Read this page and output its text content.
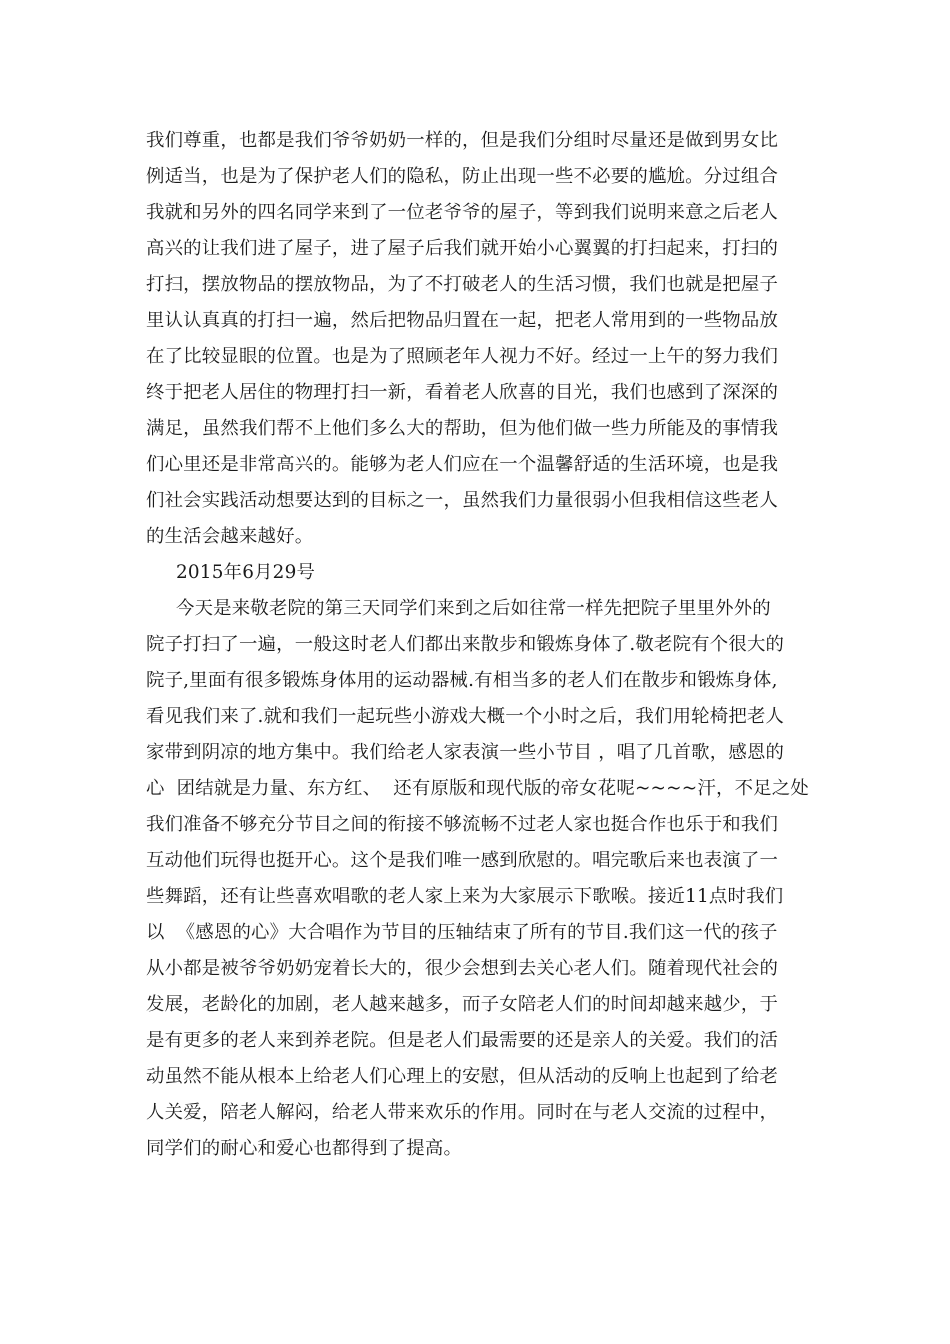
我们尊重，也都是我们爷爷奶奶一样的，但是我们分组时尽量还是做到男女比
例适当，也是为了保护老人们的隐私，防止出现一些不必要的尴尬。分过组合
我就和另外的四名同学来到了一位老爷爷的屋子，等到我们说明来意之后老人
高兴的让我们进了屋子，进了屋子后我们就开始小心翼翼的打扫起来，打扫的
打扫，摆放物品的摆放物品，为了不打破老人的生活习惯，我们也就是把屋子
里认认真真的打扫一遍，然后把物品归置在一起，把老人常用到的一些物品放
在了比较显眼的位置。也是为了照顾老年人视力不好。经过一上午的努力我们
终于把老人居住的物理打扫一新，看着老人欣喜的目光，我们也感到了深深的
满足，虽然我们帮不上他们多么大的帮助，但为他们做一些力所能及的事情我
们心里还是非常高兴的。能够为老人们应在一个温馨舒适的生活环境，也是我
们社会实践活动想要达到的目标之一，虽然我们力量很弱小但我相信这些老人
的生活会越来越好。
2015年6月29号
今天是来敬老院的第三天同学们来到之后如往常一样先把院子里里外外的
院子打扫了一遍，一般这时老人们都出来散步和锻炼身体了.敬老院有个很大的
院子,里面有很多锻炼身体用的运动器械.有相当多的老人们在散步和锻炼身体,
看见我们来了.就和我们一起玩些小游戏大概一个小时之后，我们用轮椅把老人
家带到阴凉的地方集中。我们给老人家表演一些小节目 ，唱了几首歌，感恩的
心  团结就是力量、东方红、  还有原版和现代版的帝女花呢~~~~汗，不足之处
我们准备不够充分节目之间的衔接不够流畅不过老人家也挺合作也乐于和我们
互动他们玩得也挺开心。这个是我们唯一感到欣慰的。唱完歌后来也表演了一
些舞蹈，还有让些喜欢唱歌的老人家上来为大家展示下歌喉。接近11点时我们
以  《感恩的心》大合唱作为节目的压轴结束了所有的节目.我们这一代的孩子
从小都是被爷爷奶奶宠着长大的，很少会想到去关心老人们。随着现代社会的
发展，老龄化的加剧，老人越来越多，而子女陪老人们的时间却越来越少，于
是有更多的老人来到养老院。但是老人们最需要的还是亲人的关爱。我们的活
动虽然不能从根本上给老人们心理上的安慰，但从活动的反响上也起到了给老
人关爱，陪老人解闷，给老人带来欢乐的作用。同时在与老人交流的过程中，
同学们的耐心和爱心也都得到了提高。
